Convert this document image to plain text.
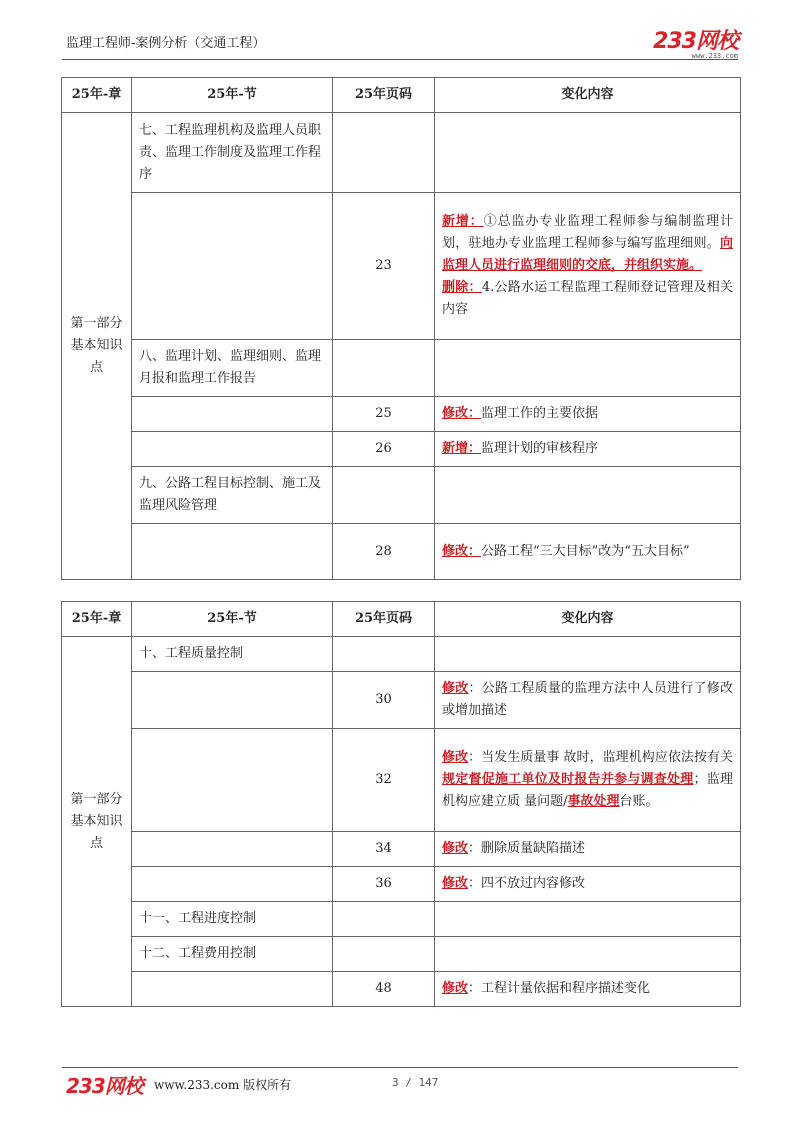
监理工程师-案例分析（交通工程）	233网校
www.233.com
25年-章	25年-节	25年页码	变化内容
第一部分基本知识点	七、工程监理机构及监理人员职责、监理工作制度及监理工作程序		
		23	新增：①总监办专业监理工程师参与编制监理计划，驻地办专业监理工程师参与编写监理细则。向监理人员进行监理细则的交底，并组织实施。
删除：4.公路水运工程监理工程师登记管理及相关内容
	八、监理计划、监理细则、监理月报和监理工作报告		
		25	修改：监理工作的主要依据
		26	新增：监理计划的审核程序
	九、公路工程目标控制、施工及监理风险管理		
		28	修改：公路工程“三大目标”改为“五大目标”
25年-章	25年-节	25年页码	变化内容
第一部分基本知识点	十、工程质量控制		
		30	修改：公路工程质量的监理方法中人员进行了修改或增加描述
		32	修改：当发生质量事 故时，监理机构应依法按有关规定督促施工单位及时报告并参与调查处理；监理机构应建立质 量问题/事故处理台账。
		34	修改：删除质量缺陷描述
		36	修改：四不放过内容修改
	十一、工程进度控制		
	十二、工程费用控制		
		48	修改：工程计量依据和程序描述变化
233网校 www.233.com 版权所有	3 / 147
